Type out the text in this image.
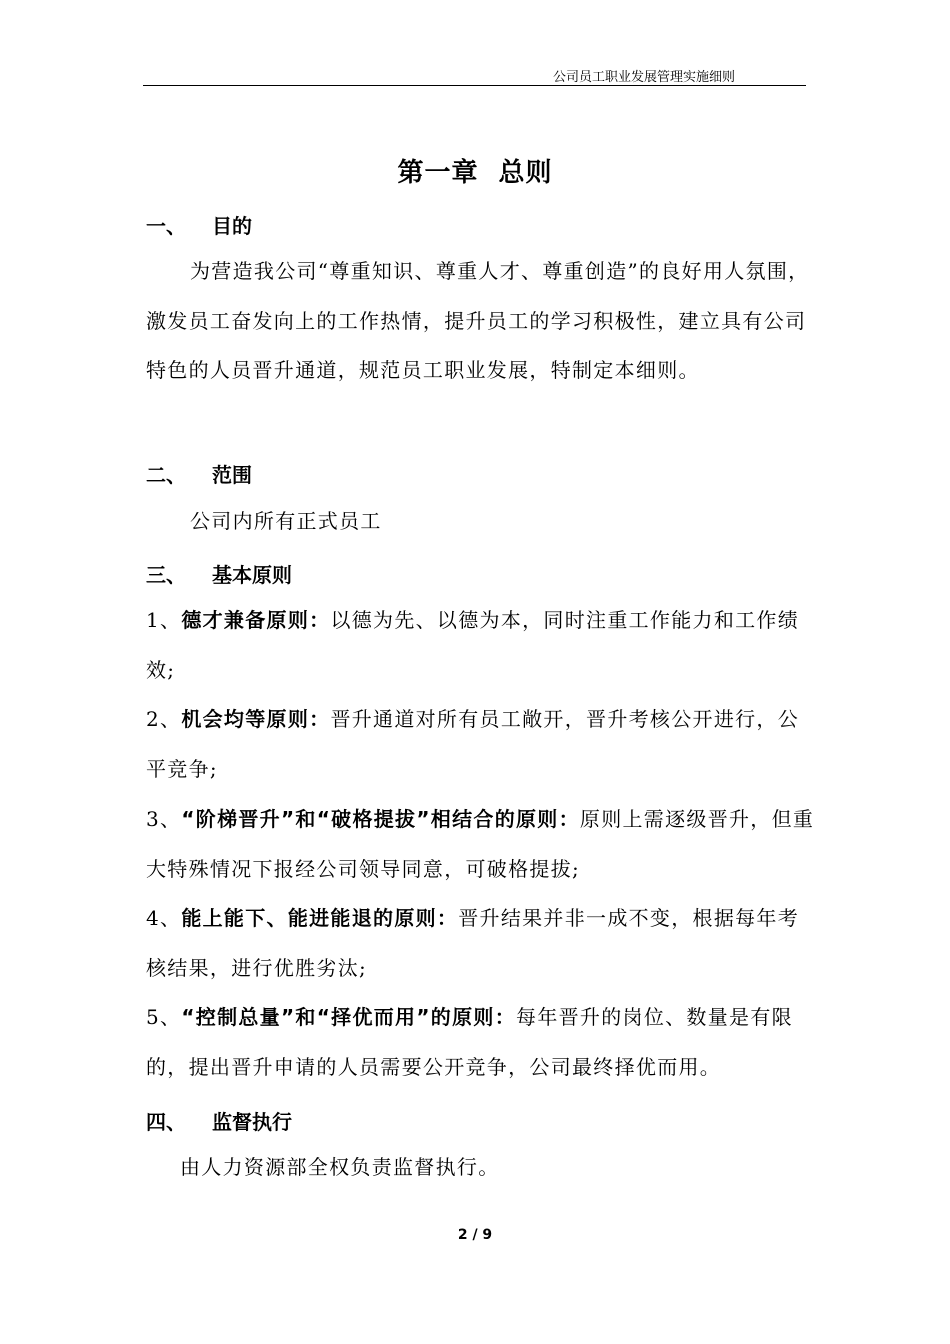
公司员工职业发展管理实施细则
第一章 总则
一、	目的

为营造我公司“尊重知识、尊重人才、尊重创造”的良好用人氛围，激发员工奋发向上的工作热情，提升员工的学习积极性，建立具有公司特色的人员晋升通道，规范员工职业发展，特制定本细则。

二、	范围

公司内所有正式员工

三、	基本原则

1、德才兼备原则：以德为先、以德为本，同时注重工作能力和工作绩效;

2、机会均等原则：晋升通道对所有员工敞开，晋升考核公开进行，公平竞争;

3、“阶梯晋升”和“破格提拔”相结合的原则：原则上需逐级晋升，但重大特殊情况下报经公司领导同意，可破格提拔;

4、能上能下、能进能退的原则：晋升结果并非一成不变，根据每年考核结果，进行优胜劣汰;

5、“控制总量”和“择优而用”的原则：每年晋升的岗位、数量是有限的，提出晋升申请的人员需要公开竞争，公司最终择优而用。

四、	监督执行

由人力资源部全权负责监督执行。

2 / 9
